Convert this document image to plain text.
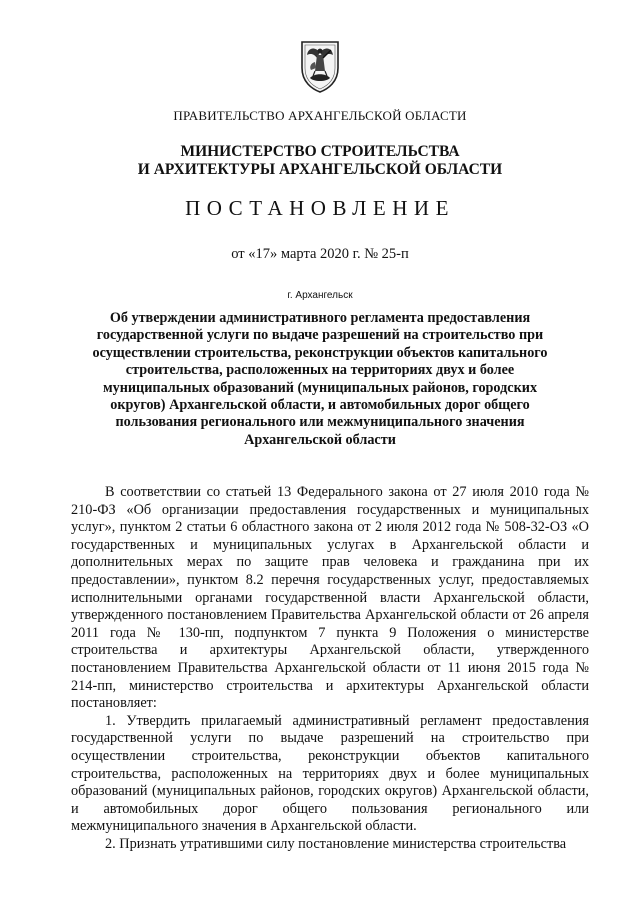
ПРАВИТЕЛЬСТВО АРХАНГЕЛЬСКОЙ ОБЛАСТИ
МИНИСТЕРСТВО СТРОИТЕЛЬСТВА
И АРХИТЕКТУРЫ АРХАНГЕЛЬСКОЙ ОБЛАСТИ
ПОСТАНОВЛЕНИЕ
от «17» марта 2020 г. № 25-п
г. Архангельск
Об утверждении административного регламента предоставления
государственной услуги по выдаче разрешений на строительство при
осуществлении строительства, реконструкции объектов капитального
строительства, расположенных на территориях двух и более
муниципальных образований (муниципальных районов, городских
округов) Архангельской области, и автомобильных дорог общего
пользования регионального или межмуниципального значения
Архангельской области

В соответствии со статьей 13 Федерального закона от 27 июля 2010 года № 210-ФЗ «Об организации предоставления государственных и муниципальных услуг», пунктом 2 статьи 6 областного закона от 2 июля 2012 года № 508-32-ОЗ «О государственных и муниципальных услугах в Архангельской области и дополнительных мерах по защите прав человека и гражданина при их предоставлении», пунктом 8.2 перечня государственных услуг, предоставляемых исполнительными органами государственной власти Архангельской области, утвержденного постановлением Правительства Архангельской области от 26 апреля 2011 года № 130-пп, подпунктом 7 пункта 9 Положения о министерстве строительства и архитектуры Архангельской области, утвержденного постановлением Правительства Архангельской области от 11 июня 2015 года № 214-пп, министерство строительства и архитектуры Архангельской области постановляет:

1. Утвердить прилагаемый административный регламент предоставления государственной услуги по выдаче разрешений на строительство при осуществлении строительства, реконструкции объектов капитального строительства, расположенных на территориях двух и более муниципальных образований (муниципальных районов, городских округов) Архангельской области, и автомобильных дорог общего пользования регионального или межмуниципального значения в Архангельской области.

2. Признать утратившими силу постановление министерства строительства
